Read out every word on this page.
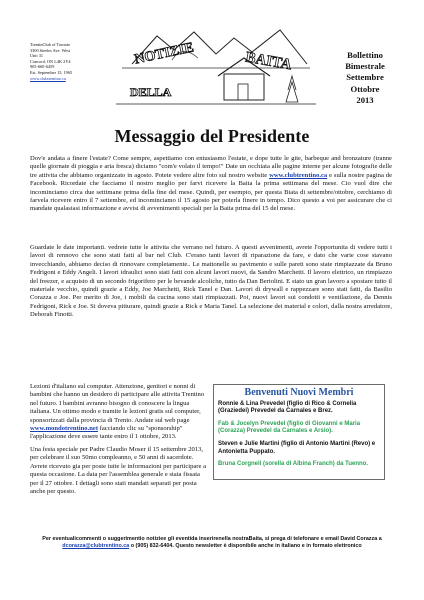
TrentinClub of Toronto
3300 Steeles Ave. West
Unit 31
Concord, ON L4K 2Y4
905-660-6459
Est. September 15, 1965
www.clubtrentino.ca
NOTIZIE
DELLA
BAITA	Bollettino
Bimestrale
Settembre
Ottobre
2013
Messaggio del Presidente
Dov'e andata a finere l'estate? Come sempre, aspettiamo con entusiasmo l'estate, e dope tutte le gite, barbeque and bronzature (tranne quelle giornate di pioggia e aria fresca) diciamo "com'e volato il tempo!" Date un occhiata alle pagine interne per alcune fotografie delle tre attivita che abbiamo organizzato in agosto. Potete vedere altre foto sul nostro website www.clubtrentino.ca e sulla nostre pagina de Facebook. Ricordate che facciamo il nostro meglio per farvi ricevere la Baita la prima settimana del mese. Cio vuol dire che incominciamo circa due settimane prima della fine del mese. Quindi, per esempio, per questa Biata di settembre/ottobre, cerchiamo di farvela ricevere entro il 7 settembre, ed incominciamo il 15 agosto per poterla finere in tempo. Dico questo a voi per assicurare che ci mandate qualasiasi informazione e avvisi di avvenimenti speciali per la Baita prima del 15 del mese.
Guardate le date importanti. vedrete tutte le attivita che verrano nel futuro. A questi avvenimenti, avrete l'opportunita di vedere tutti i lavori di rennovo che sono stati fatti al bar nel Club. C'erano tanti lavori di riparazione da fare, e dato che varie cose stavano invecchiando, abbiamo deciso di rinnovare completamente.. Le mattonelle su pavimento e sulle pareti sono state rimpiazzate da Bruno Fedrigoni e Eddy Angeli. I lavori idraulici sono stati fatti con alcuni lavori nuovi, da Sandro Marchetti. Il lavoro elettrico, un rimpiazzo del freezer, e acquisto di un secondo frigorifero per le bevande alcoliche, tutto da Dan Bertolini. E stato un gran lavoro a spostare tutto il materiale vecchio, quindi grazie a Eddy, Joe Marchetti, Rick Tanel e Dan. Lavori di drywall e rappezzare sono stati fatti, da Basilio Corazza e Joe. Per merito di Joe, i mobili da cucina sono stati rimpiazzati. Poi, nuovi lavori sui condotti e ventilazione, da Dennis Fedrigoni, Rick e Joe. Si doveva pitturare, quindi grazie a Rick e Maria Tanel. La selezione dei material e colori, dalla nostra arredatore, Deborah Finotti.
Lezioni d'italiano sul computer. Attenzione, genitori e nonni di bambini che hanno un desidero di participare alle attivita Trentino nel futuro. I bambini avranno bisogno di conoscere la lingua italiana. Un ottimo modo e tramite le lezioni gratis sul computer, sponsorizzati dalla provincia di Trento. Andate sul web page www.mondotrentino.net facciando clic su "sponsorship" l'applicazione deve essere tante entro il 1 ottobre, 2013.
Una festa speciale per Padre Claudio Moser il 15 settembre 2013, per celebrare il suo 50mo compleanno, e 50 anni di sacerdote. Avrete ricevuto gia per poste tutte le informazioni per participare a questa occasione. La data per l'assemblea generale e stata fissata per il 27 ottobre. I dettagli sono stati mandati separati per posta anche per questo.
Benvenuti Nuovi Membri
Ronnie & Lina Prevedel (figlio di Rico & Cornelia (Graziedei) Prevedel da Carnales e Brez.
Fab & Jocelyn Prevedel (figlio di Giovanni e Maria (Corazza) Prevedel da Carnales e Arsio).
Steven e Julie Martini (figlio di Antonio Martini (Revo) e Antonietta Puppato.
Bruna Corgneli (sorella di Albina Franch) da Tuenno.
Per eventualicommenti o suggerimentio notiziee gli eventida inserirenella nostraBaita, si prega di telefonare e email David Corazza a dcorazza@clubtrentino.ca o (905) 832-6404. Questo newsletter è disponibile anche in italiano e in formato elettronico
